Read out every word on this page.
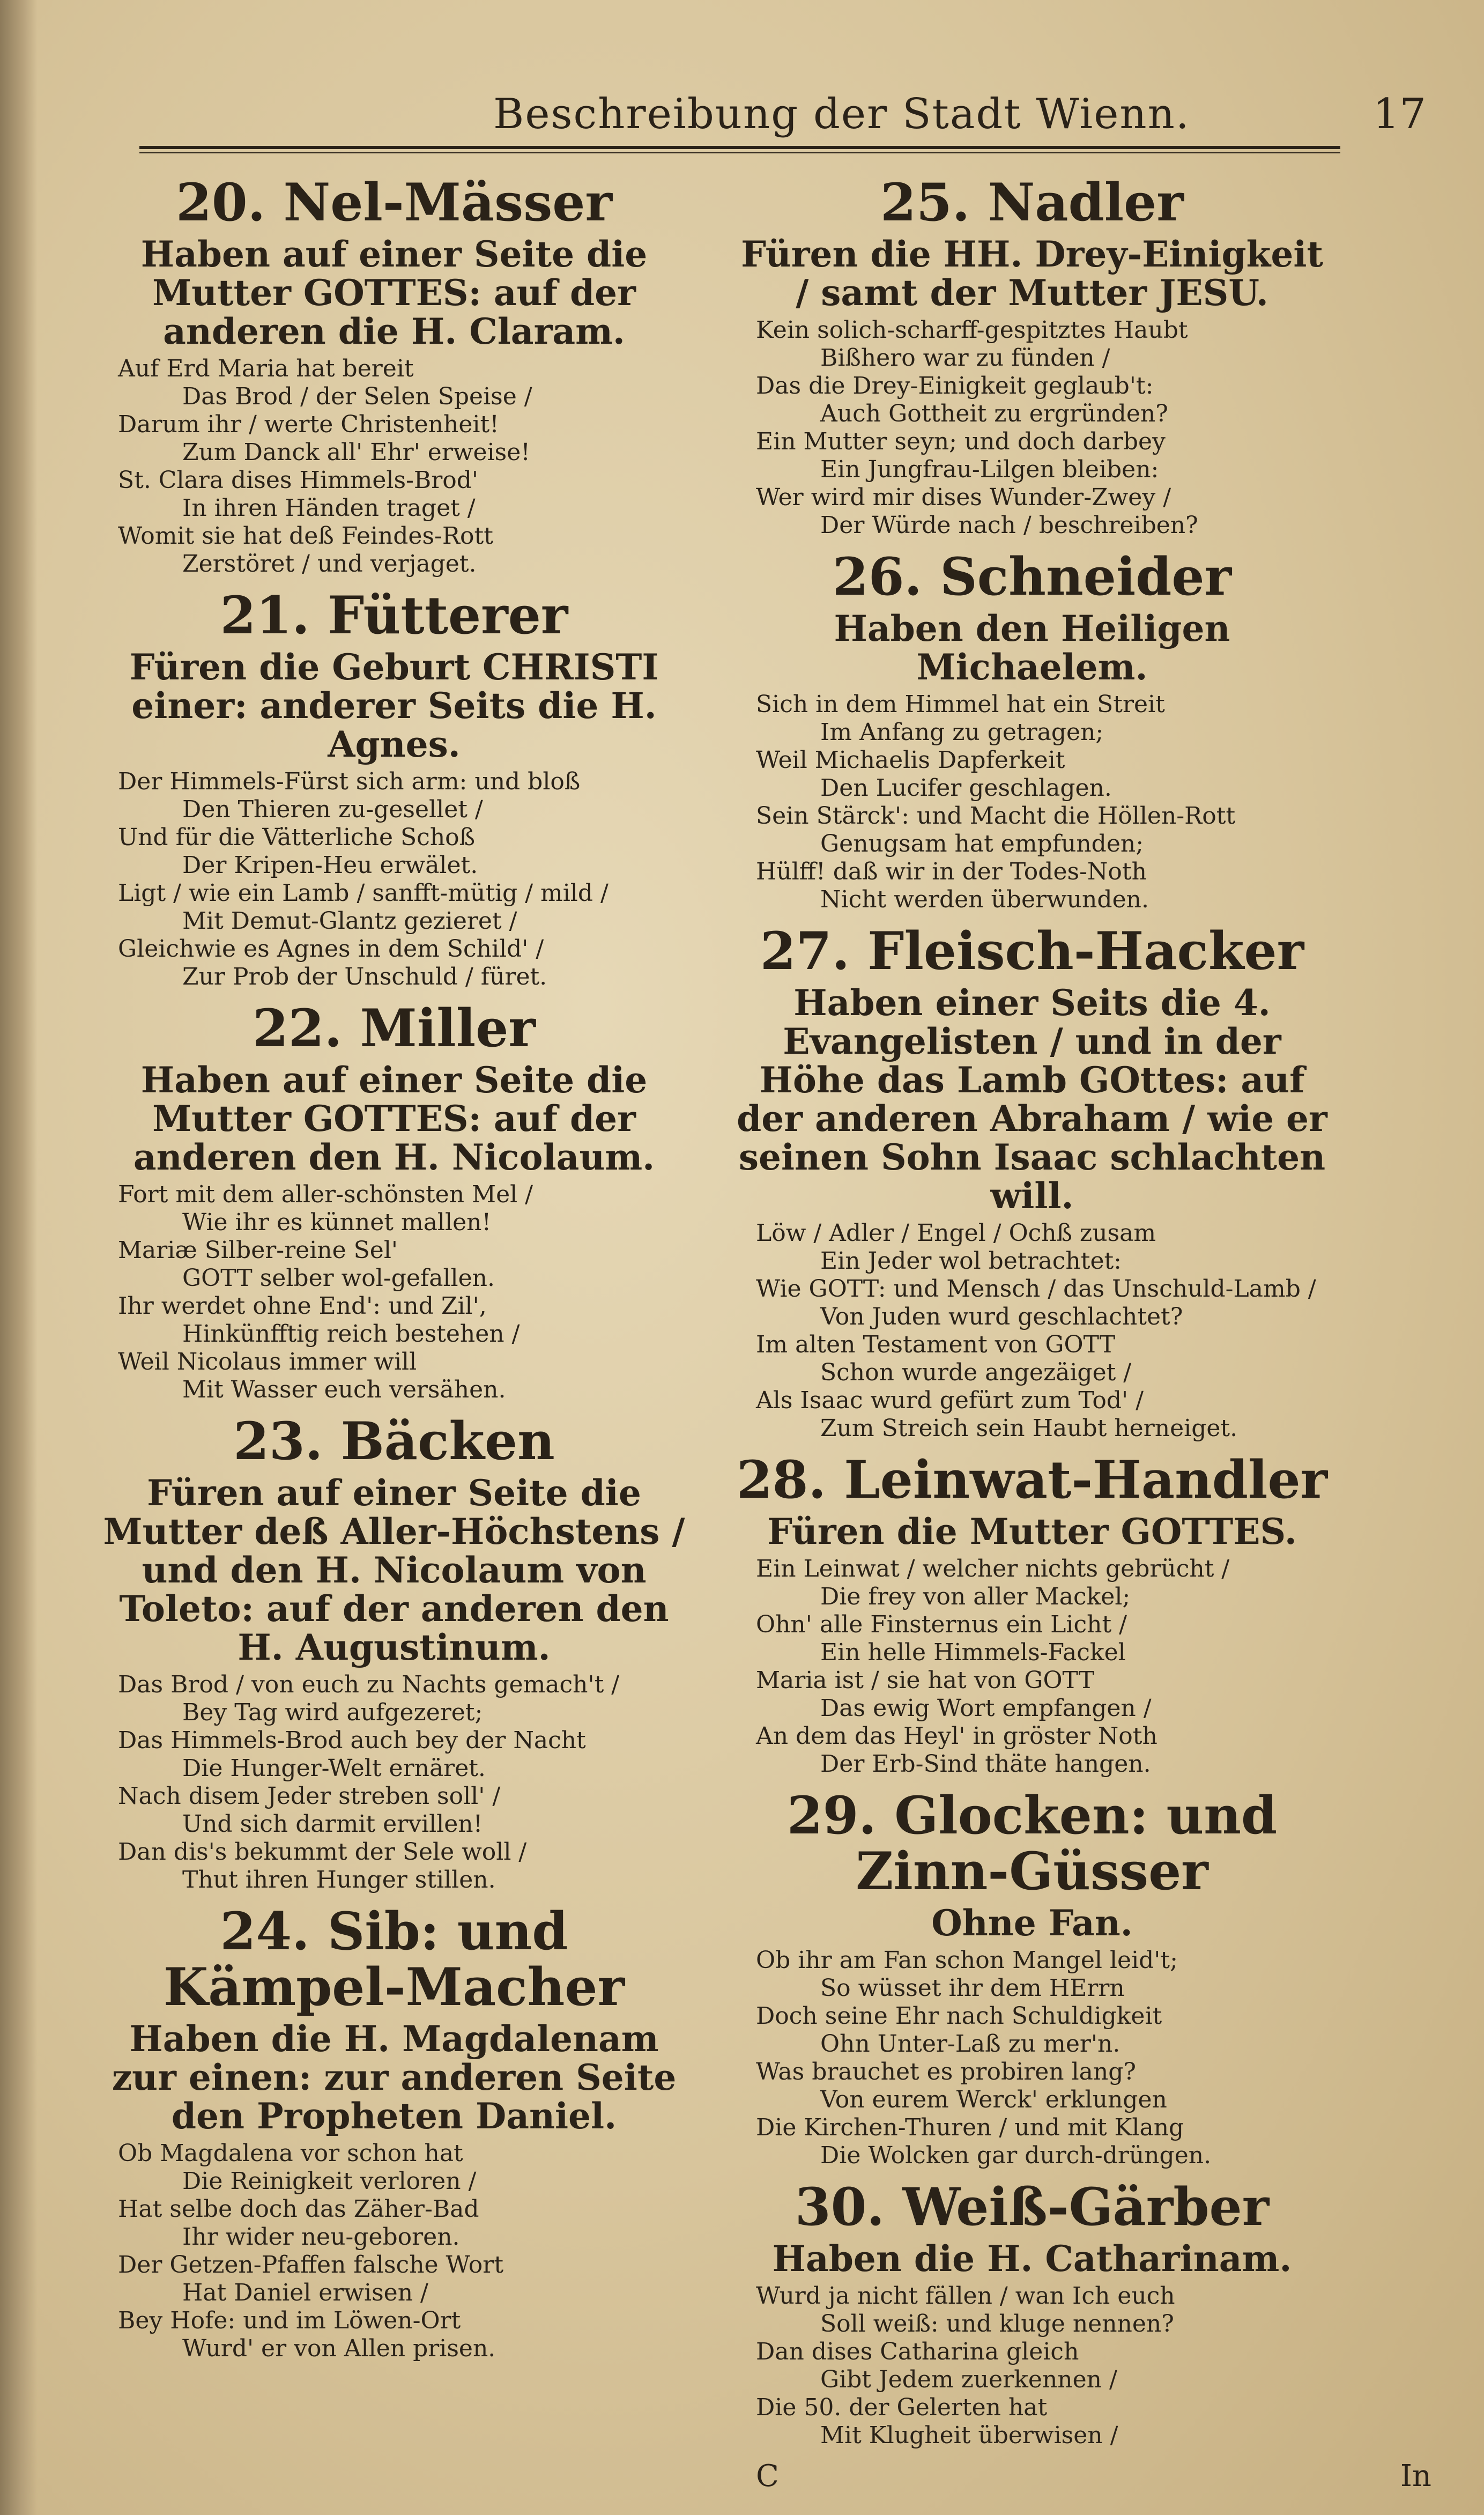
Beschreibung der Stadt Wienn.	17
20. Nel-Mässer
Haben auf einer Seite die Mutter GOTTES: auf der anderen die H. Claram.
Auf Erd Maria hat bereit
Das Brod / der Selen Speise /
Darum ihr / werte Christenheit!
Zum Danck all' Ehr' erweise!
St. Clara dises Himmels-Brod'
In ihren Händen traget /
Womit sie hat deß Feindes-Rott
Zerstöret / und verjaget.
21. Fütterer
Füren die Geburt CHRISTI einer: anderer Seits die H. Agnes.
Der Himmels-Fürst sich arm: und bloß
Den Thieren zu-gesellet /
Und für die Vätterliche Schoß
Der Kripen-Heu erwälet.
Ligt / wie ein Lamb / sanfft-mütig / mild /
Mit Demut-Glantz gezieret /
Gleichwie es Agnes in dem Schild' /
Zur Prob der Unschuld / füret.
22. Miller
Haben auf einer Seite die Mutter GOTTES: auf der anderen den H. Nicolaum.
Fort mit dem aller-schönsten Mel /
Wie ihr es künnet mallen!
Mariæ Silber-reine Sel'
GOTT selber wol-gefallen.
Ihr werdet ohne End': und Zil',
Hinkünfftig reich bestehen /
Weil Nicolaus immer will
Mit Wasser euch versähen.
23. Bäcken
Füren auf einer Seite die Mutter deß Aller-Höchstens / und den H. Nicolaum von Toleto: auf der anderen den H. Augustinum.
Das Brod / von euch zu Nachts gemach't /
Bey Tag wird aufgezeret;
Das Himmels-Brod auch bey der Nacht
Die Hunger-Welt ernäret.
Nach disem Jeder streben soll' /
Und sich darmit ervillen!
Dan dis's bekummt der Sele woll /
Thut ihren Hunger stillen.
24. Sib: und Kämpel-Macher
Haben die H. Magdalenam zur einen: zur anderen Seite den Propheten Daniel.
Ob Magdalena vor schon hat
Die Reinigkeit verloren /
Hat selbe doch das Zäher-Bad
Ihr wider neu-geboren.
Der Getzen-Pfaffen falsche Wort
Hat Daniel erwisen /
Bey Hofe: und im Löwen-Ort
Wurd' er von Allen prisen.
25. Nadler
Füren die HH. Drey-Einigkeit / samt der Mutter JESU.
Kein solich-scharff-gespitztes Haubt
Bißhero war zu fünden /
Das die Drey-Einigkeit geglaub't:
Auch Gottheit zu ergründen?
Ein Mutter seyn; und doch darbey
Ein Jungfrau-Lilgen bleiben:
Wer wird mir dises Wunder-Zwey /
Der Würde nach / beschreiben?
26. Schneider
Haben den Heiligen Michaelem.
Sich in dem Himmel hat ein Streit
Im Anfang zu getragen;
Weil Michaelis Dapferkeit
Den Lucifer geschlagen.
Sein Stärck': und Macht die Höllen-Rott
Genugsam hat empfunden;
Hülff! daß wir in der Todes-Noth
Nicht werden überwunden.
27. Fleisch-Hacker
Haben einer Seits die 4. Evangelisten / und in der Höhe das Lamb GOttes: auf der anderen Abraham / wie er seinen Sohn Isaac schlachten will.
Löw / Adler / Engel / Ochß zusam
Ein Jeder wol betrachtet:
Wie GOTT: und Mensch / das Unschuld-Lamb /
Von Juden wurd geschlachtet?
Im alten Testament von GOTT
Schon wurde angezäiget /
Als Isaac wurd gefürt zum Tod' /
Zum Streich sein Haubt herneiget.
28. Leinwat-Handler
Füren die Mutter GOTTES.
Ein Leinwat / welcher nichts gebrücht /
Die frey von aller Mackel;
Ohn' alle Finsternus ein Licht /
Ein helle Himmels-Fackel
Maria ist / sie hat von GOTT
Das ewig Wort empfangen /
An dem das Heyl' in gröster Noth
Der Erb-Sind thäte hangen.
29. Glocken: und Zinn-Güsser
Ohne Fan.
Ob ihr am Fan schon Mangel leid't;
So wüsset ihr dem HErrn
Doch seine Ehr nach Schuldigkeit
Ohn Unter-Laß zu mer'n.
Was brauchet es probiren lang?
Von eurem Werck' erklungen
Die Kirchen-Thuren / und mit Klang
Die Wolcken gar durch-drüngen.
30. Weiß-Gärber
Haben die H. Catharinam.
Wurd ja nicht fällen / wan Ich euch
Soll weiß: und kluge nennen?
Dan dises Catharina gleich
Gibt Jedem zuerkennen /
Die 50. der Gelerten hat
Mit Klugheit überwisen /
C	In
